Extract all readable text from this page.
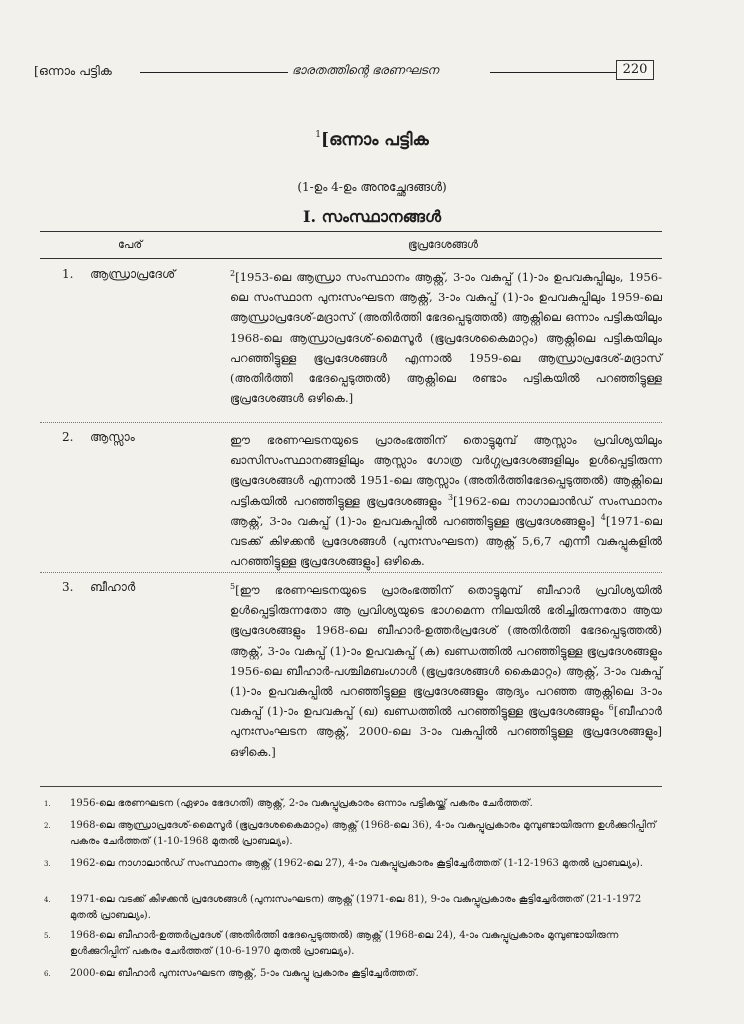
[ഒന്നാം പട്ടിക	ഭാരതത്തിന്റെ ഭരണഘടന	220
$^1$[ഒന്നാം പട്ടിക
(1-ഉം 4-ഉം അനുച്ഛേദങ്ങൾ)
I. സംസ്ഥാനങ്ങൾ
പേര്	ഭൂപ്രദേശങ്ങൾ
1. ആന്ധ്രാപ്രദേശ്	$^2$[1953-ലെ ആന്ധ്രാ സംസ്ഥാനം ആക്റ്റ്, 3-ാം വകുപ്പ് (1)-ാം ഉപവകുപ്പിലും, 1956-ലെ സംസ്ഥാന പുനഃസംഘടന ആക്റ്റ്, 3-ാം വകുപ്പ് (1)-ാം ഉപവകുപ്പിലും 1959-ലെ ആന്ധ്രാപ്രദേശ്-മദ്രാസ് (അതിർത്തി ഭേദപ്പെടുത്തൽ) ആക്റ്റിലെ ഒന്നാം പട്ടികയിലും 1968-ലെ ആന്ധ്രാപ്രദേശ്-മൈസൂർ (ഭൂപ്രദേശകൈമാറ്റം) ആക്റ്റിലെ പട്ടികയിലും പറഞ്ഞിട്ടുള്ള ഭൂപ്രദേശങ്ങൾ എന്നാൽ 1959-ലെ ആന്ധ്രാപ്രദേശ്-മദ്രാസ് (അതിർത്തി ഭേദപ്പെടുത്തൽ) ആക്റ്റിലെ രണ്ടാം പട്ടികയിൽ പറഞ്ഞിട്ടുള്ള ഭൂപ്രദേശങ്ങൾ ഒഴികെ.]
2. ആസ്സാം	ഈ ഭരണഘടനയുടെ പ്രാരംഭത്തിന് തൊട്ടുമുമ്പ് ആസ്സാം പ്രവിശ്യയിലും ഖാസിസംസ്ഥാനങ്ങളിലും ആസ്സാം ഗോത്ര വർഗ്ഗപ്രദേശങ്ങളിലും ഉൾപ്പെട്ടിരുന്ന ഭൂപ്രദേശങ്ങൾ എന്നാൽ 1951-ലെ ആസ്സാം (അതിർത്തിഭേദപ്പെടുത്തൽ) ആക്റ്റിലെ പട്ടികയിൽ പറഞ്ഞിട്ടുള്ള ഭൂപ്രദേശങ്ങളും $^3$[1962-ലെ നാഗാലാൻഡ് സംസ്ഥാനം ആക്റ്റ്, 3-ാം വകുപ്പ് (1)-ാം ഉപവകുപ്പിൽ പറഞ്ഞിട്ടുള്ള ഭൂപ്രദേശങ്ങളും] $^4$[1971-ലെ വടക്ക് കിഴക്കൻ പ്രദേശങ്ങൾ (പുനഃസംഘടന) ആക്റ്റ് 5,6,7 എന്നീ വകുപ്പുകളിൽ പറഞ്ഞിട്ടുള്ള ഭൂപ്രദേശങ്ങളും] ഒഴികെ.
3. ബീഹാർ	$^5$[ഈ ഭരണഘടനയുടെ പ്രാരംഭത്തിന് തൊട്ടുമുമ്പ് ബീഹാർ പ്രവിശ്യയിൽ ഉൾപ്പെട്ടിരുന്നതോ ആ പ്രവിശ്യയുടെ ഭാഗമെന്ന നിലയിൽ ഭരിച്ചിരുന്നതോ ആയ ഭൂപ്രദേശങ്ങളും 1968-ലെ ബീഹാർ-ഉത്തർപ്രദേശ് (അതിർത്തി ഭേദപ്പെടുത്തൽ) ആക്റ്റ്, 3-ാം വകുപ്പ് (1)-ാം ഉപവകുപ്പ് (ക) ഖണ്ഡത്തിൽ പറഞ്ഞിട്ടുള്ള ഭൂപ്രദേശങ്ങളും 1956-ലെ ബീഹാർ-പശ്ചിമബംഗാൾ (ഭൂപ്രദേശങ്ങൾ കൈമാറ്റം) ആക്റ്റ്, 3-ാം വകുപ്പ് (1)-ാം ഉപവകുപ്പിൽ പറഞ്ഞിട്ടുള്ള ഭൂപ്രദേശങ്ങളും ആദ്യം പറഞ്ഞ ആക്റ്റിലെ 3-ാം വകുപ്പ് (1)-ാം ഉപവകുപ്പ് (ഖ) ഖണ്ഡത്തിൽ പറഞ്ഞിട്ടുള്ള ഭൂപ്രദേശങ്ങളും $^6$[ബീഹാർ പുനഃസംഘടന ആക്റ്റ്, 2000-ലെ 3-ാം വകുപ്പിൽ പറഞ്ഞിട്ടുള്ള ഭൂപ്രദേശങ്ങളും] ഒഴികെ.]
1. 1956-ലെ ഭരണഘടന (ഏഴാം ഭേദഗതി) ആക്റ്റ്, 2-ാം വകുപ്പുപ്രകാരം ഒന്നാം പട്ടികയ്ക്ക് പകരം ചേർത്തത്.
2. 1968-ലെ ആന്ധ്രാപ്രദേശ്-മൈസൂർ (ഭൂപ്രദേശകൈമാറ്റം) ആക്റ്റ് (1968-ലെ 36), 4-ാം വകുപ്പുപ്രകാരം മുമ്പുണ്ടായിരുന്ന ഉൾക്കുറിപ്പിന് പകരം ചേർത്തത് (1-10-1968 മുതൽ പ്രാബല്യം).
3. 1962-ലെ നാഗാലാൻഡ് സംസ്ഥാനം ആക്റ്റ് (1962-ലെ 27), 4-ാം വകുപ്പുപ്രകാരം കൂട്ടിച്ചേർത്തത് (1-12-1963 മുതൽ പ്രാബല്യം).
4. 1971-ലെ വടക്ക് കിഴക്കൻ പ്രദേശങ്ങൾ (പുനഃസംഘടന) ആക്റ്റ് (1971-ലെ 81), 9-ാം വകുപ്പുപ്രകാരം കൂട്ടിച്ചേർത്തത് (21-1-1972 മുതൽ പ്രാബല്യം).
5. 1968-ലെ ബീഹാർ-ഉത്തർപ്രദേശ് (അതിർത്തി ഭേദപ്പെടുത്തൽ) ആക്റ്റ് (1968-ലെ 24), 4-ാം വകുപ്പുപ്രകാരം മുമ്പുണ്ടായിരുന്ന ഉൾക്കുറിപ്പിന് പകരം ചേർത്തത് (10-6-1970 മുതൽ പ്രാബല്യം).
6. 2000-ലെ ബീഹാർ പുനഃസംഘടന ആക്റ്റ്, 5-ാം വകുപ്പു പ്രകാരം കൂട്ടിച്ചേർത്തത്.
